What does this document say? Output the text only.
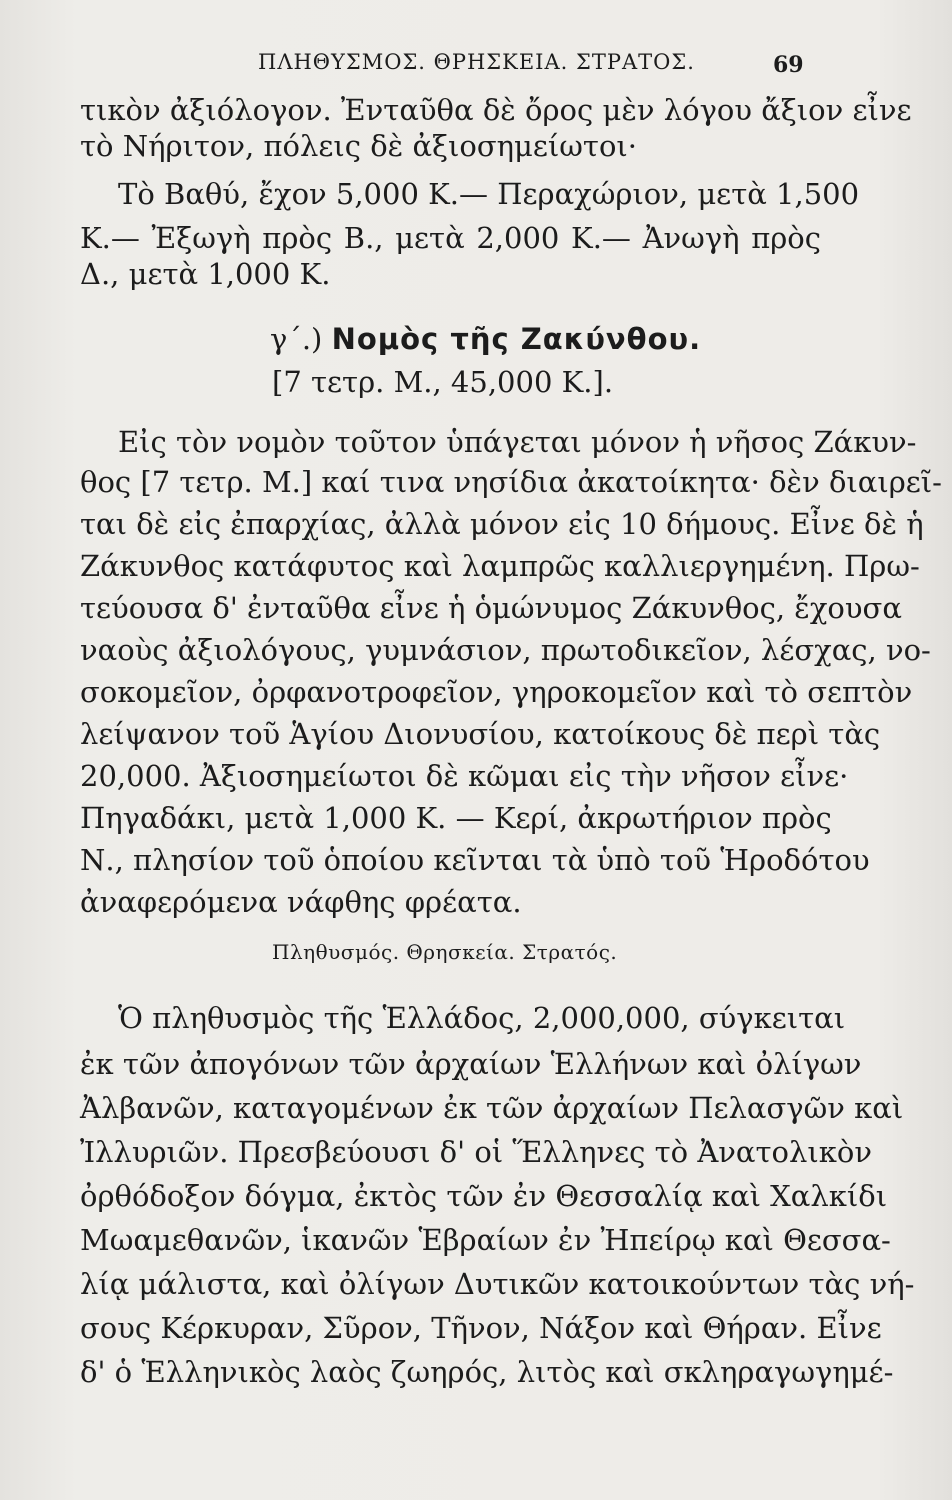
ΠΛΗΘΥΣΜΟΣ. ΘΡΗΣΚΕΙΑ. ΣΤΡΑΤΟΣ.	69
τικὸν ἀξιόλογον. Ἐνταῦθα δὲ ὄρος μὲν λόγου ἄξιον εἶνε
τὸ Νήριτον, πόλεις δὲ ἀξιοσημείωτοι·
Τὸ Βαθύ, ἔχον 5,000 Κ.— Περαχώριον, μετὰ 1,500
Κ.— Ἐξωγὴ πρὸς Β., μετὰ 2,000 Κ.— Ἀνωγὴ πρὸς
Δ., μετὰ 1,000 Κ.
γ΄.) Νομὸς τῆς Ζακύνθου.
[7 τετρ. Μ., 45,000 Κ.].
Εἰς τὸν νομὸν τοῦτον ὑπάγεται μόνον ἡ νῆσος Ζάκυν-
θος [7 τετρ. Μ.] καί τινα νησίδια ἀκατοίκητα· δὲν διαιρεῖ-
ται δὲ εἰς ἐπαρχίας, ἀλλὰ μόνον εἰς 10 δήμους. Εἶνε δὲ ἡ
Ζάκυνθος κατάφυτος καὶ λαμπρῶς καλλιεργημένη. Πρω-
τεύουσα δ' ἐνταῦθα εἶνε ἡ ὁμώνυμος Ζάκυνθος, ἔχουσα
ναοὺς ἀξιολόγους, γυμνάσιον, πρωτοδικεῖον, λέσχας, νο-
σοκομεῖον, ὀρφανοτροφεῖον, γηροκομεῖον καὶ τὸ σεπτὸν
λείψανον τοῦ Ἁγίου Διονυσίου, κατοίκους δὲ περὶ τὰς
20,000. Ἀξιοσημείωτοι δὲ κῶμαι εἰς τὴν νῆσον εἶνε·
Πηγαδάκι, μετὰ 1,000 Κ. — Κερί, ἀκρωτήριον πρὸς
Ν., πλησίον τοῦ ὁποίου κεῖνται τὰ ὑπὸ τοῦ Ἡροδότου
ἀναφερόμενα νάφθης φρέατα.
Πληθυσμός. Θρησκεία. Στρατός.
Ὁ πληθυσμὸς τῆς Ἑλλάδος, 2,000,000, σύγκειται
ἐκ τῶν ἀπογόνων τῶν ἀρχαίων Ἑλλήνων καὶ ὀλίγων
Ἀλβανῶν, καταγομένων ἐκ τῶν ἀρχαίων Πελασγῶν καὶ
Ἰλλυριῶν. Πρεσβεύουσι δ' οἱ Ἕλληνες τὸ Ἀνατολικὸν
ὀρθόδοξον δόγμα, ἐκτὸς τῶν ἐν Θεσσαλίᾳ καὶ Χαλκίδι
Μωαμεθανῶν, ἱκανῶν Ἑβραίων ἐν Ἠπείρῳ καὶ Θεσσα-
λίᾳ μάλιστα, καὶ ὀλίγων Δυτικῶν κατοικούντων τὰς νή-
σους Κέρκυραν, Σῦρον, Τῆνον, Νάξον καὶ Θήραν. Εἶνε
δ' ὁ Ἑλληνικὸς λαὸς ζωηρός, λιτὸς καὶ σκληραγωγημέ-
